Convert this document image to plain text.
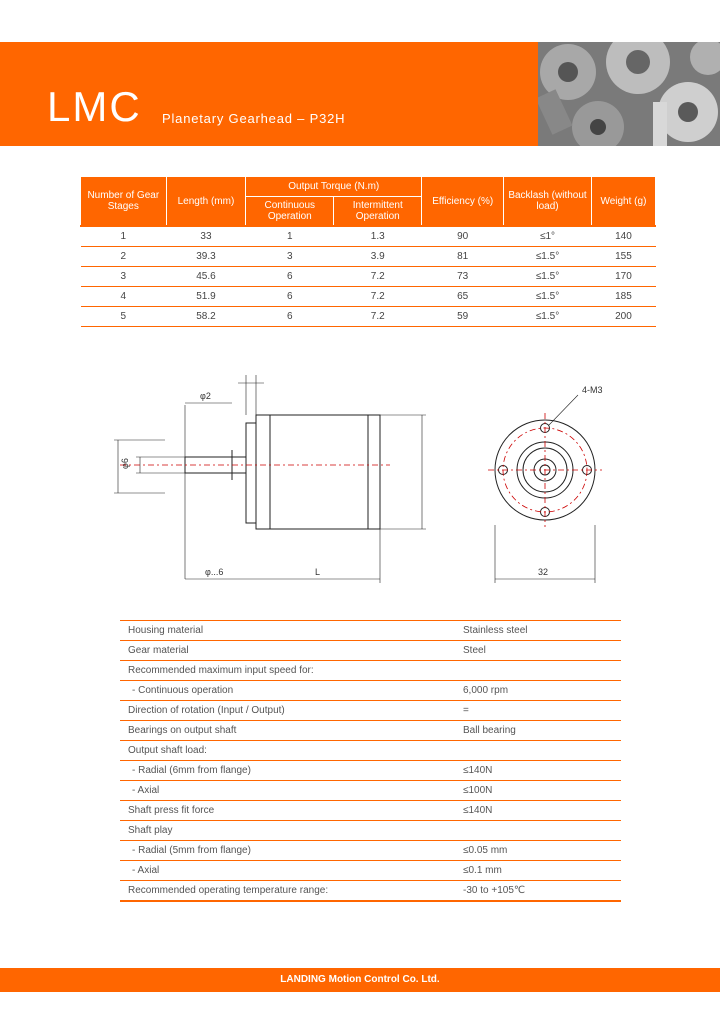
LMC Planetary Gearhead – P32H
Number of Gear Stages	Length (mm)	Output Torque (N.m)		Efficiency (%)	Backlash (without load)	Weight (g)
		Continuous Operation	Intermittent Operation			
1	33	1	1.3	90	≤1°	140
2	39.3	3	3.9	81	≤1.5°	155
3	45.6	6	7.2	73	≤1.5°	170
4	51.9	6	7.2	65	≤1.5°	185
5	58.2	6	7.2	59	≤1.5°	200
φ2
φ6
φ...6	L
4-M3
32
Housing material	Stainless steel
Gear material	Steel
Recommended maximum input speed for:	
- Continuous operation	6,000 rpm
Direction of rotation (Input / Output)	=
Bearings on output shaft	Ball bearing
Output shaft load:	
- Radial (6mm from flange)	≤140N
- Axial	≤100N
Shaft press fit force	≤140N
Shaft play	
- Radial (5mm from flange)	≤0.05 mm
- Axial	≤0.1 mm
Recommended operating temperature range:	-30 to +105℃
LANDING Motion Control Co. Ltd.
